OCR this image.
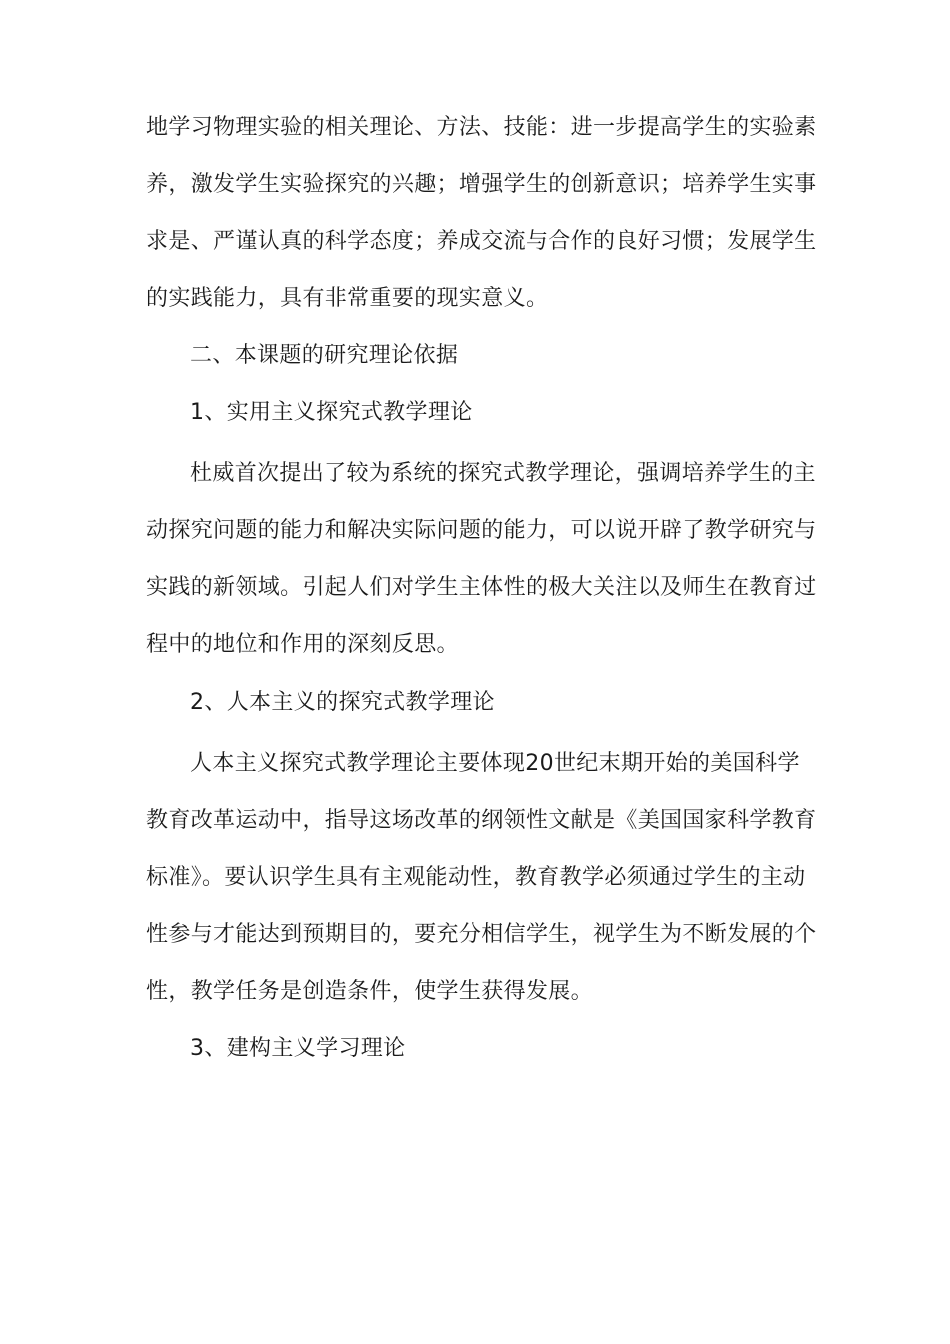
地学习物理实验的相关理论、方法、技能：进一步提高学生的实验素
养，激发学生实验探究的兴趣；增强学生的创新意识；培养学生实事
求是、严谨认真的科学态度；养成交流与合作的良好习惯；发展学生
的实践能力，具有非常重要的现实意义。
二、本课题的研究理论依据
1、实用主义探究式教学理论
杜威首次提出了较为系统的探究式教学理论，强调培养学生的主
动探究问题的能力和解决实际问题的能力，可以说开辟了教学研究与
实践的新领域。引起人们对学生主体性的极大关注以及师生在教育过
程中的地位和作用的深刻反思。
2、人本主义的探究式教学理论
人本主义探究式教学理论主要体现20世纪末期开始的美国科学
教育改革运动中，指导这场改革的纲领性文献是《美国国家科学教育
标准》。要认识学生具有主观能动性，教育教学必须通过学生的主动
性参与才能达到预期目的，要充分相信学生，视学生为不断发展的个
性，教学任务是创造条件，使学生获得发展。
3、建构主义学习理论
